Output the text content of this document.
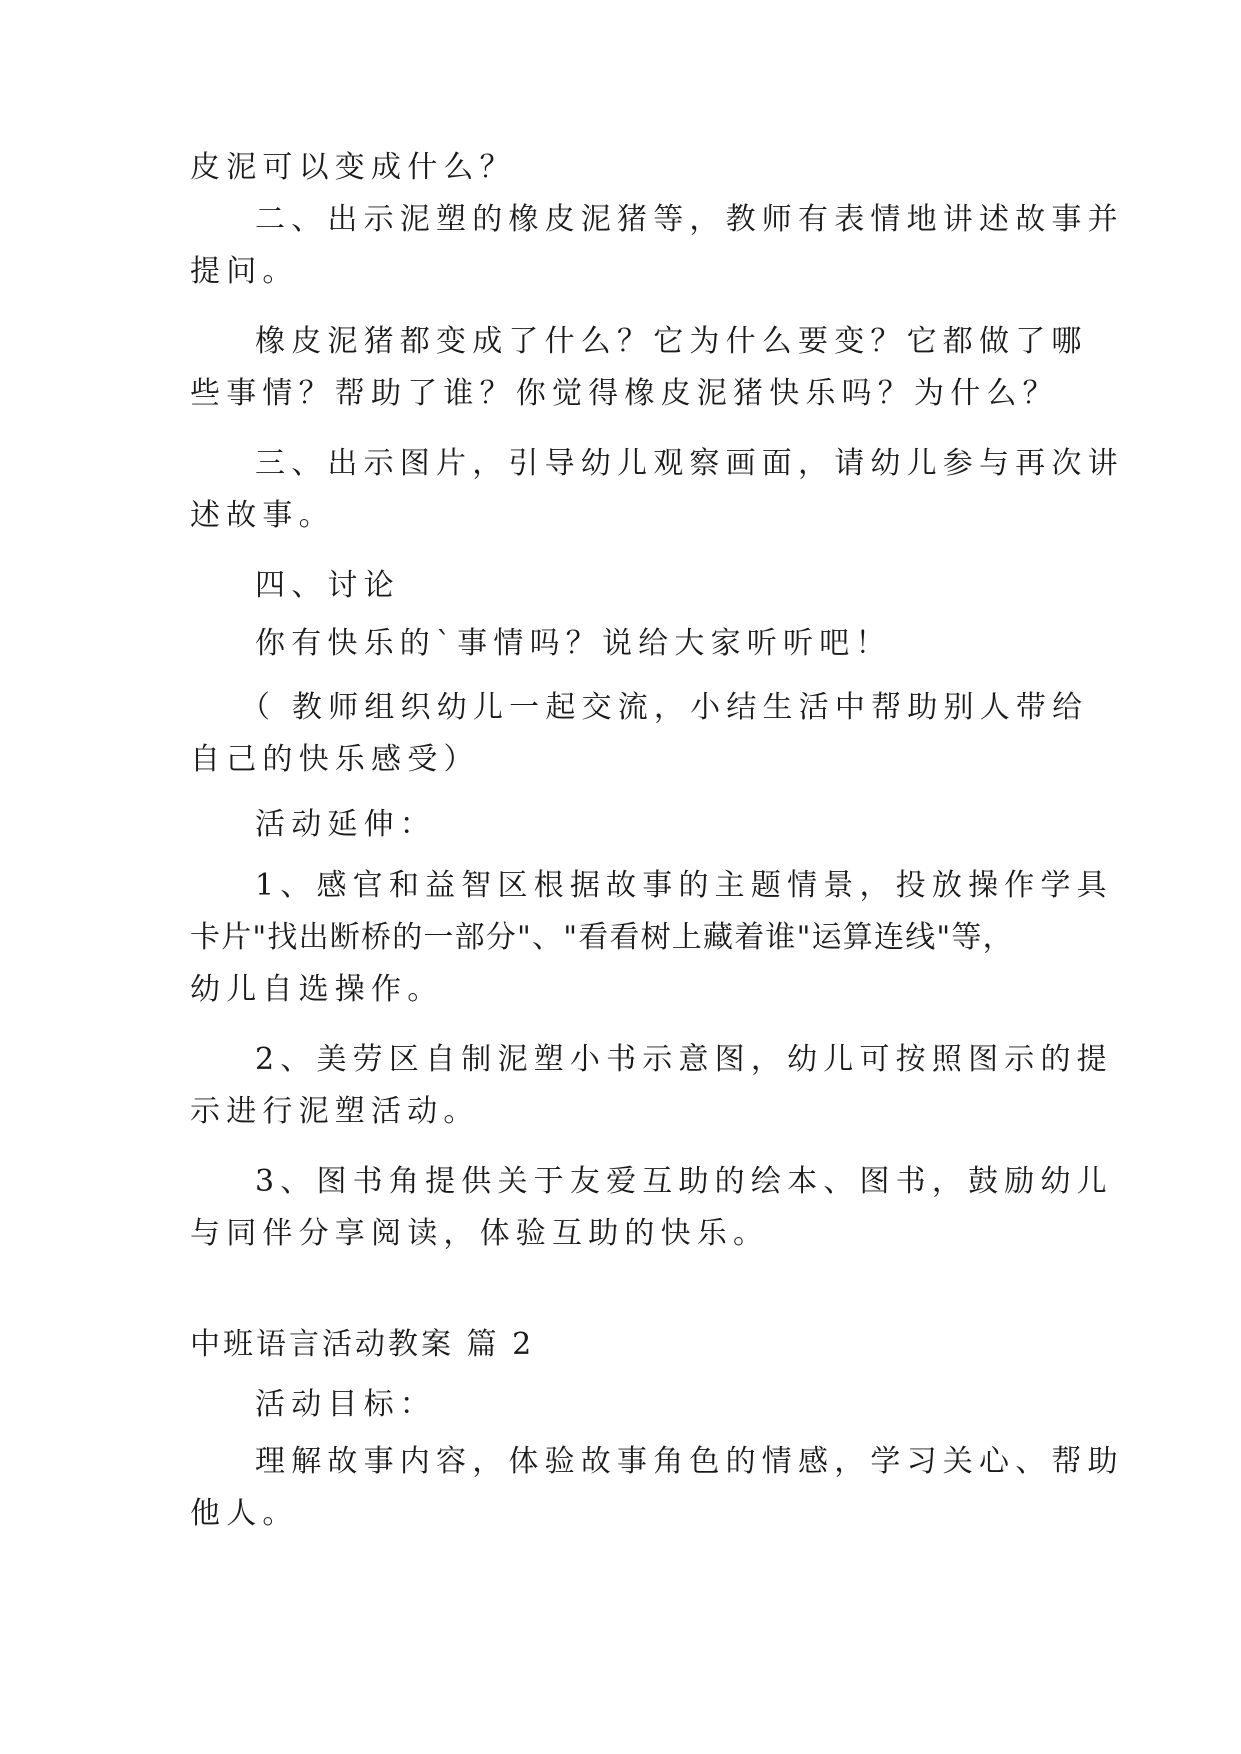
皮泥可以变成什么？
二、出示泥塑的橡皮泥猪等，教师有表情地讲述故事并
提问。
橡皮泥猪都变成了什么？它为什么要变？它都做了哪
些事情？帮助了谁？你觉得橡皮泥猪快乐吗？为什么？
三、出示图片，引导幼儿观察画面，请幼儿参与再次讲
述故事。
四、讨论
你有快乐的`事情吗？说给大家听听吧！
（ 教师组织幼儿一起交流，小结生活中帮助别人带给
自己的快乐感受）
活动延伸：
1、感官和益智区根据故事的主题情景，投放操作学具
卡片"找出断桥的一部分"、"看看树上藏着谁"运算连线"等，
幼儿自选操作。
2、美劳区自制泥塑小书示意图，幼儿可按照图示的提
示进行泥塑活动。
3、图书角提供关于友爱互助的绘本、图书，鼓励幼儿
与同伴分享阅读，体验互助的快乐。
中班语言活动教案 篇 2
活动目标：
理解故事内容，体验故事角色的情感，学习关心、帮助
他人。
